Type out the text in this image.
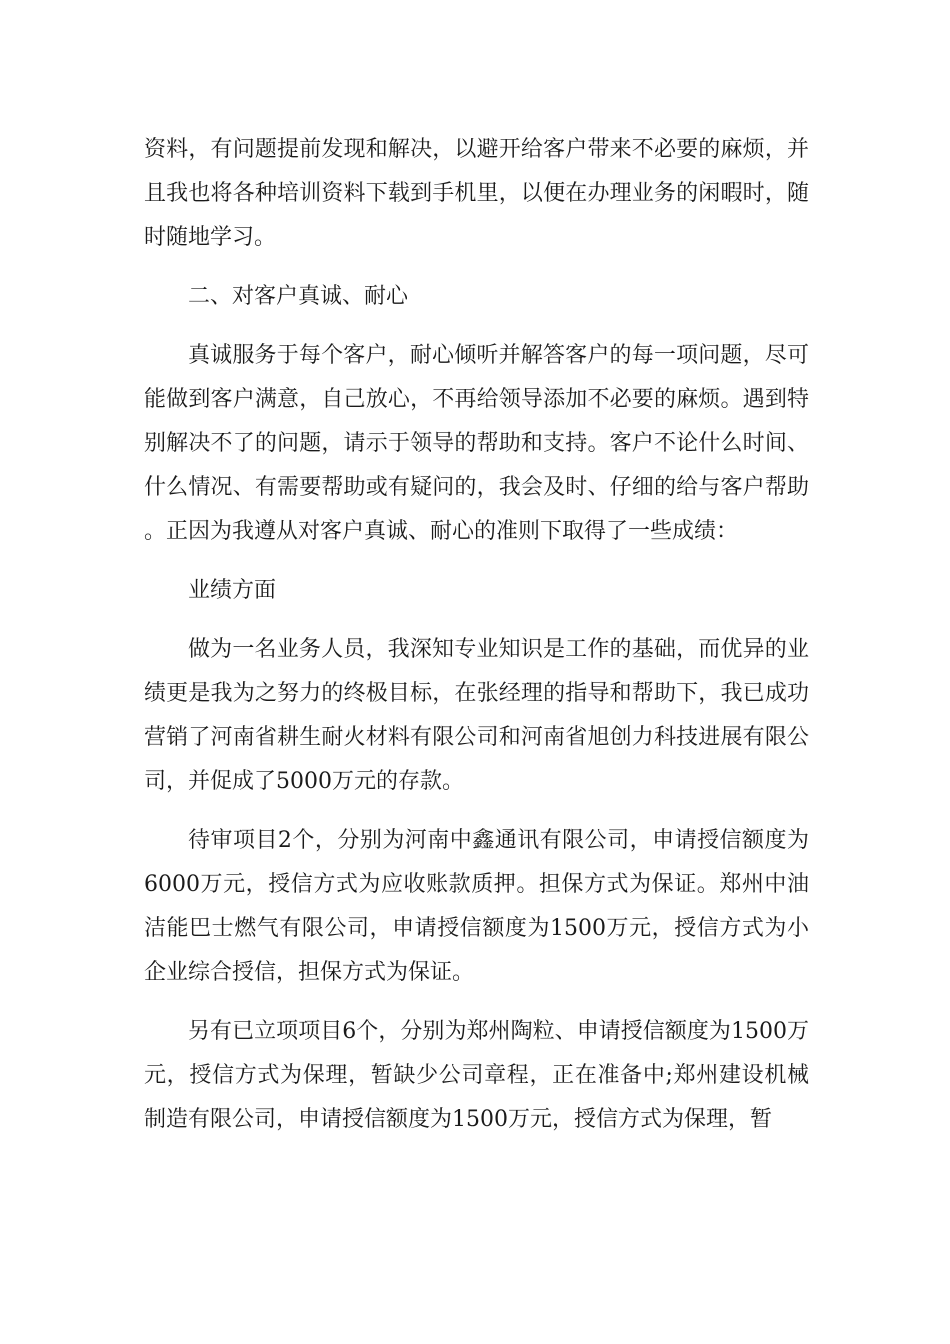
资料，有问题提前发现和解决，以避开给客户带来不必要的麻烦，并且我也将各种培训资料下载到手机里，以便在办理业务的闲暇时，随时随地学习。

二、对客户真诚、耐心

真诚服务于每个客户，耐心倾听并解答客户的每一项问题，尽可能做到客户满意，自己放心，不再给领导添加不必要的麻烦。遇到特别解决不了的问题，请示于领导的帮助和支持。客户不论什么时间、什么情况、有需要帮助或有疑问的，我会及时、仔细的给与客户帮助。正因为我遵从对客户真诚、耐心的准则下取得了一些成绩：

业绩方面

做为一名业务人员，我深知专业知识是工作的基础，而优异的业绩更是我为之努力的终极目标，在张经理的指导和帮助下，我已成功营销了河南省耕生耐火材料有限公司和河南省旭创力科技进展有限公司，并促成了5000万元的存款。

待审项目2个，分别为河南中鑫通讯有限公司，申请授信额度为6000万元，授信方式为应收账款质押。担保方式为保证。郑州中油洁能巴士燃气有限公司，申请授信额度为1500万元，授信方式为小企业综合授信，担保方式为保证。

另有已立项项目6个，分别为郑州陶粒、申请授信额度为1500万元，授信方式为保理，暂缺少公司章程，正在准备中;郑州建设机械制造有限公司，申请授信额度为1500万元，授信方式为保理，暂
